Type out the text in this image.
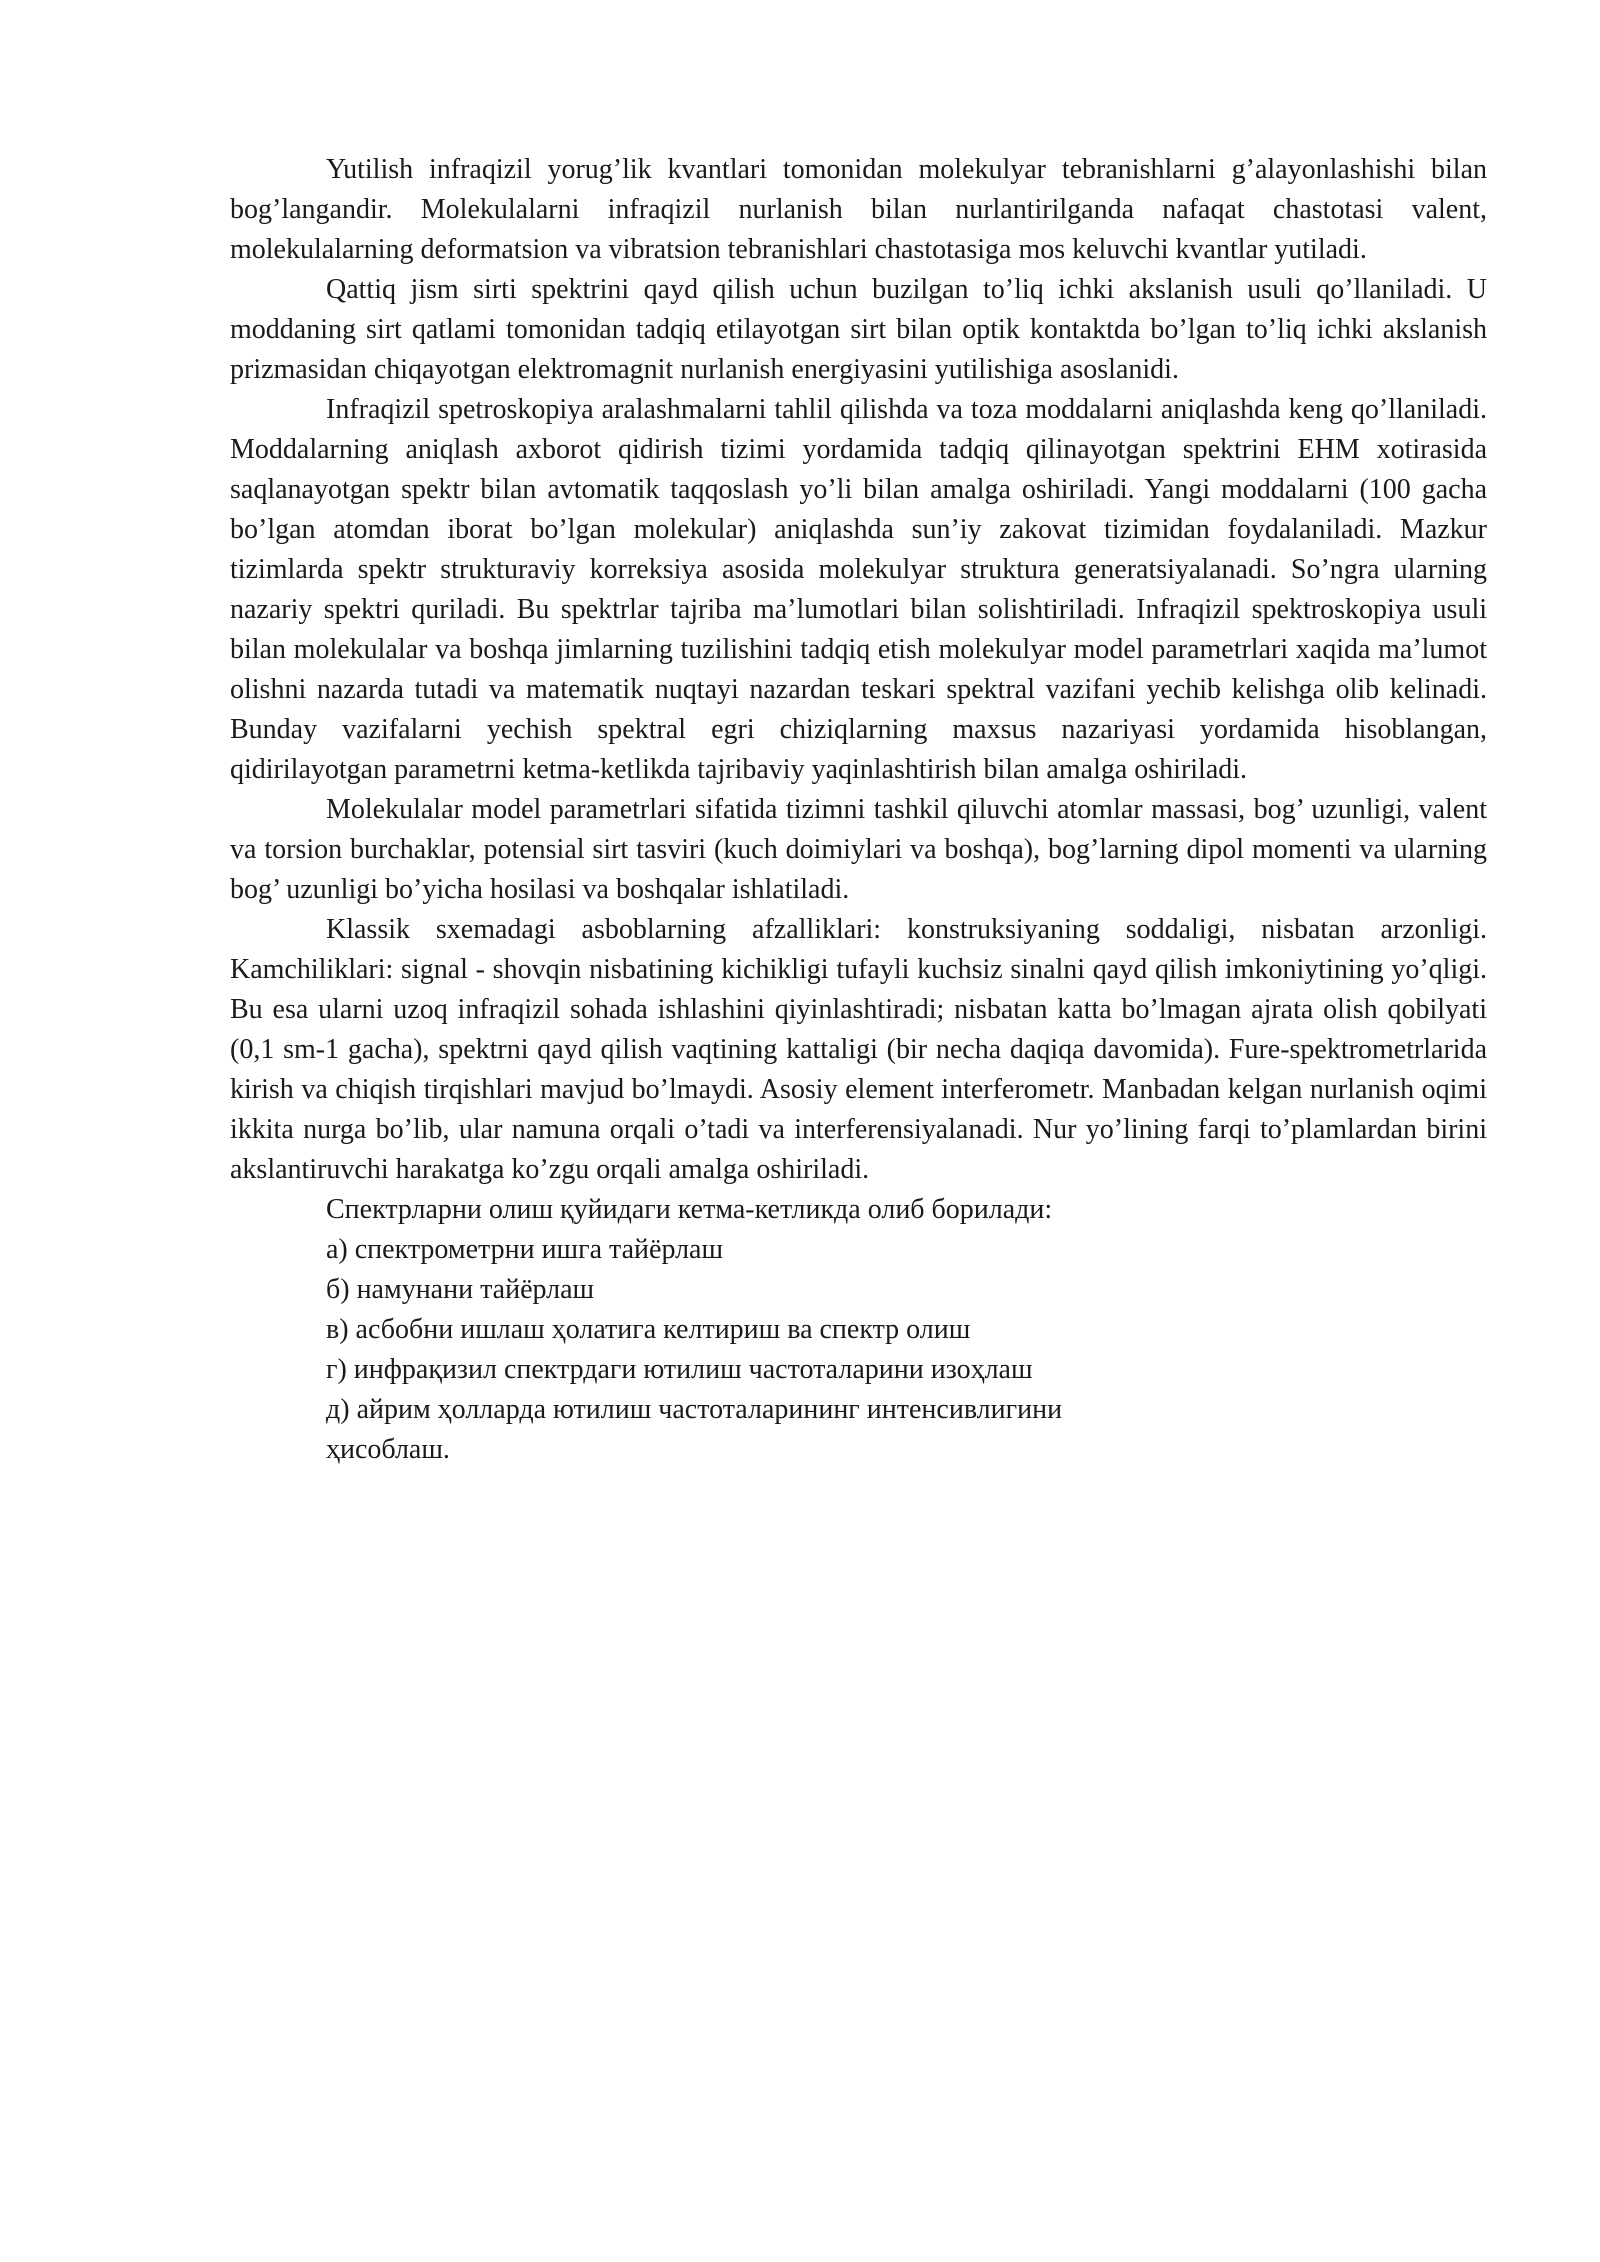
Yutilish infraqizil yorug’lik kvantlari tomonidan molekulyar tebranishlarni g’alayonlashishi bilan bog’langandir. Molekulalarni infraqizil nurlanish bilan nurlantirilganda nafaqat chastotasi valent, molekulalarning deformatsion va vibratsion tebranishlari chastotasiga mos keluvchi kvantlar yutiladi.

Qattiq jism sirti spektrini qayd qilish uchun buzilgan to’liq ichki akslanish usuli qo’llaniladi. U moddaning sirt qatlami tomonidan tadqiq etilayotgan sirt bilan optik kontaktda bo’lgan to’liq ichki akslanish prizmasidan chiqayotgan elektromagnit nurlanish energiyasini yutilishiga asoslanidi.

Infraqizil spetroskopiya aralashmalarni tahlil qilishda va toza moddalarni aniqlashda keng qo’llaniladi. Moddalarning aniqlash axborot qidirish tizimi yordamida tadqiq qilinayotgan spektrini EHM xotirasida saqlanayotgan spektr bilan avtomatik taqqoslash yo’li bilan amalga oshiriladi. Yangi moddalarni (100 gacha bo’lgan atomdan iborat bo’lgan molekular) aniqlashda sun’iy zakovat tizimidan foydalaniladi. Mazkur tizimlarda spektr strukturaviy korreksiya asosida molekulyar struktura generatsiyalanadi. So’ngra ularning nazariy spektri quriladi. Bu spektrlar tajriba ma’lumotlari bilan solishtiriladi. Infraqizil spektroskopiya usuli bilan molekulalar va boshqa jimlarning tuzilishini tadqiq etish molekulyar model parametrlari xaqida ma’lumot olishni nazarda tutadi va matematik nuqtayi nazardan teskari spektral vazifani yechib kelishga olib kelinadi. Bunday vazifalarni yechish spektral egri chiziqlarning maxsus nazariyasi yordamida hisoblangan, qidirilayotgan parametrni ketma-ketlikda tajribaviy yaqinlashtirish bilan amalga oshiriladi.

Molekulalar model parametrlari sifatida tizimni tashkil qiluvchi atomlar massasi, bog’ uzunligi, valent va torsion burchaklar, potensial sirt tasviri (kuch doimiylari va boshqa), bog’larning dipol momenti va ularning bog’ uzunligi bo’yicha hosilasi va boshqalar ishlatiladi.

Klassik sxemadagi asboblarning afzalliklari: konstruksiyaning soddaligi, nisbatan arzonligi. Kamchiliklari: signal - shovqin nisbatining kichikligi tufayli kuchsiz sinalni qayd qilish imkoniytining yo’qligi. Bu esa ularni uzoq infraqizil sohada ishlashini qiyinlashtiradi; nisbatan katta bo’lmagan ajrata olish qobilyati (0,1 sm-1 gacha), spektrni qayd qilish vaqtining kattaligi (bir necha daqiqa davomida). Fure-spektrometrlarida kirish va chiqish tirqishlari mavjud bo’lmaydi. Asosiy element interferometr. Manbadan kelgan nurlanish oqimi ikkita nurga bo’lib, ular namuna orqali o’tadi va interferensiyalanadi. Nur yo’lining farqi to’plamlardan birini akslantiruvchi harakatga ko’zgu orqali amalga oshiriladi.

Спектрларни олиш қуйидаги кетма-кетликда олиб борилади:

а) спектрометрни ишга тайёрлаш
б) намунани тайёрлаш
в) асбобни ишлаш ҳолатига келтириш ва спектр олиш
г) инфрақизил спектрдаги ютилиш частоталарини изоҳлаш
д) айрим ҳолларда ютилиш частоталарининг интенсивлигини

ҳисоблаш.
